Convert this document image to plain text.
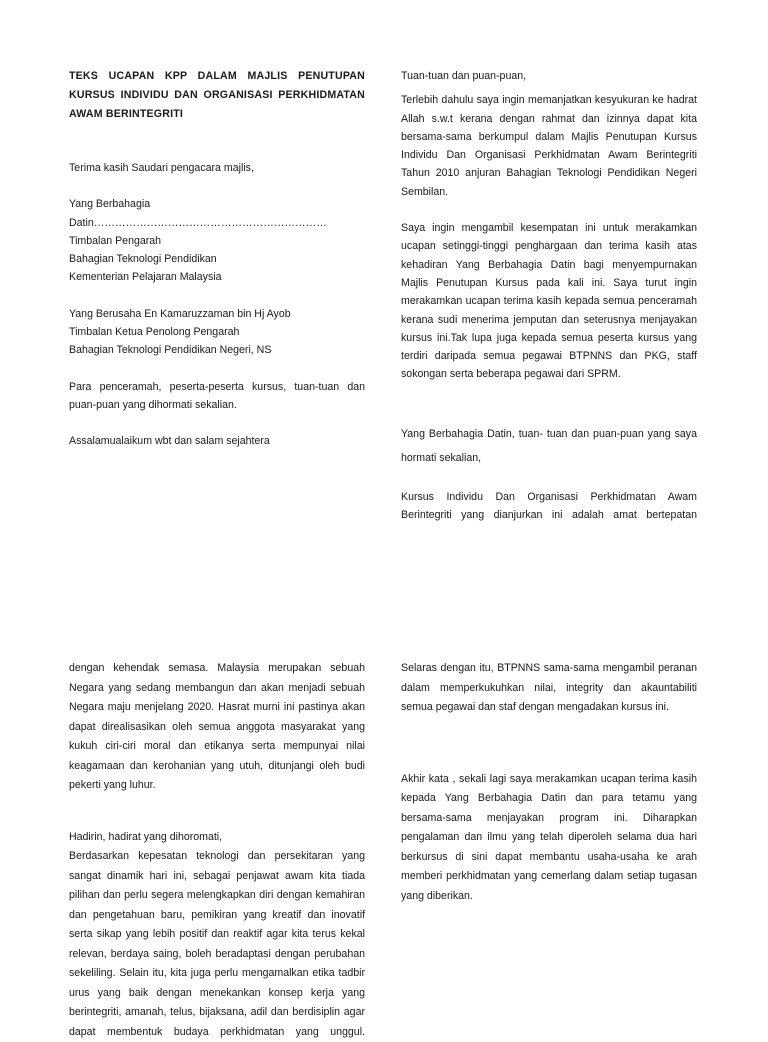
TEKS UCAPAN KPP DALAM MAJLIS PENUTUPAN
KURSUS INDIVIDU DAN ORGANISASI PERKHIDMATAN
AWAM BERINTEGRITI

Terima kasih Saudari pengacara majlis,

Yang Berbahagia

Datin…………………………………………………………

Timbalan Pengarah

Bahagian Teknologi Pendidikan

Kementerian Pelajaran Malaysia

Yang Berusaha En Kamaruzzaman bin Hj Ayob

Timbalan Ketua Penolong Pengarah

Bahagian Teknologi Pendidikan Negeri, NS

Para penceramah, peserta-peserta kursus, tuan-tuan dan
puan-puan yang dihormati sekalian.

Assalamualaikum wbt dan salam sejahtera

Tuan-tuan dan puan-puan,

Terlebih dahulu saya ingin memanjatkan kesyukuran ke hadrat
Allah s.w.t kerana dengan rahmat dan izinnya dapat kita
bersama-sama berkumpul dalam Majlis Penutupan Kursus
Individu Dan Organisasi Perkhidmatan Awam Berintegriti
Tahun 2010 anjuran Bahagian Teknologi Pendidikan Negeri
Sembilan.

Saya ingin mengambil kesempatan ini untuk merakamkan
ucapan setinggi-tinggi penghargaan dan terima kasih atas
kehadiran Yang Berbahagia Datin bagi menyempurnakan
Majlis Penutupan Kursus pada kali ini. Saya turut ingin
merakamkan ucapan terima kasih kepada semua penceramah
kerana sudi menerima jemputan dan seterusnya menjayakan
kursus ini.Tak lupa juga kepada semua peserta kursus yang
terdiri daripada semua pegawai BTPNNS dan PKG, staff
sokongan serta beberapa pegawai dari SPRM.

Yang Berbahagia Datin, tuan- tuan dan puan-puan yang saya
hormati sekalian,

Kursus Individu Dan Organisasi Perkhidmatan Awam
Berintegriti yang dianjurkan ini adalah amat bertepatan

dengan kehendak semasa. Malaysia merupakan sebuah
Negara yang sedang membangun dan akan menjadi sebuah
Negara maju menjelang 2020. Hasrat murni ini pastinya akan
dapat direalisasikan oleh semua anggota masyarakat yang
kukuh ciri-ciri moral dan etikanya serta mempunyai nilai
keagamaan dan kerohanian yang utuh, ditunjangi oleh budi
pekerti yang luhur.

Hadirin, hadirat yang dihoromati,

Berdasarkan kepesatan teknologi dan persekitaran yang
sangat dinamik hari ini, sebagai penjawat awam kita tiada
pilihan dan perlu segera melengkapkan diri dengan kemahiran
dan pengetahuan baru, pemikiran yang kreatif dan inovatif
serta sikap yang lebih positif dan reaktif agar kita terus kekal
relevan, berdaya saing, boleh beradaptasi dengan perubahan
sekeliling. Selain itu, kita juga perlu mengamalkan etika tadbir
urus yang baik dengan menekankan konsep kerja yang
berintegriti, amanah, telus, bijaksana, adil dan berdisiplin agar
dapat membentuk budaya perkhidmatan yang unggul.

Selaras dengan itu, BTPNNS sama-sama mengambil peranan
dalam memperkukuhkan nilai, integrity dan akauntabiliti
semua pegawai dan staf dengan mengadakan kursus ini.

Akhir kata , sekali lagi saya merakamkan ucapan terima kasih
kepada Yang Berbahagia Datin dan para tetamu yang
bersama-sama menjayakan program ini. Diharapkan
pengalaman dan ilmu yang telah diperoleh selama dua hari
berkursus di sini dapat membantu usaha-usaha ke arah
memberi perkhidmatan yang cemerlang dalam setiap tugasan
yang diberikan.
